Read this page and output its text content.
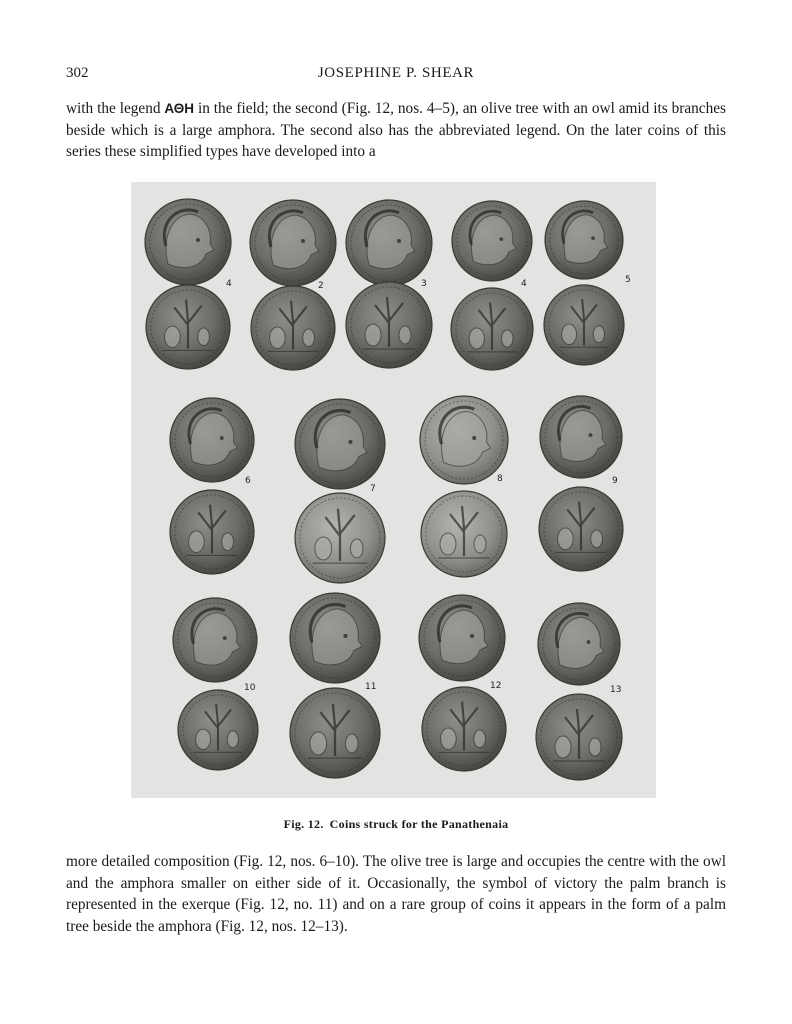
302	JOSEPHINE P. SHEAR

with the legend ΑΘΗ in the field; the second (Fig. 12, nos. 4–5), an olive tree with an owl amid its branches beside which is a large amphora. The second also has the abbreviated legend. On the later coins of this series these simplified types have developed into a

4	2	3	4	5
6
7
8	9
10	11	12	13
Fig. 12. Coins struck for the Panathenaia

more detailed composition (Fig. 12, nos. 6–10). The olive tree is large and occupies the centre with the owl and the amphora smaller on either side of it. Occasionally, the symbol of victory the palm branch is represented in the exerque (Fig. 12, no. 11) and on a rare group of coins it appears in the form of a palm tree beside the amphora (Fig. 12, nos. 12–13).
